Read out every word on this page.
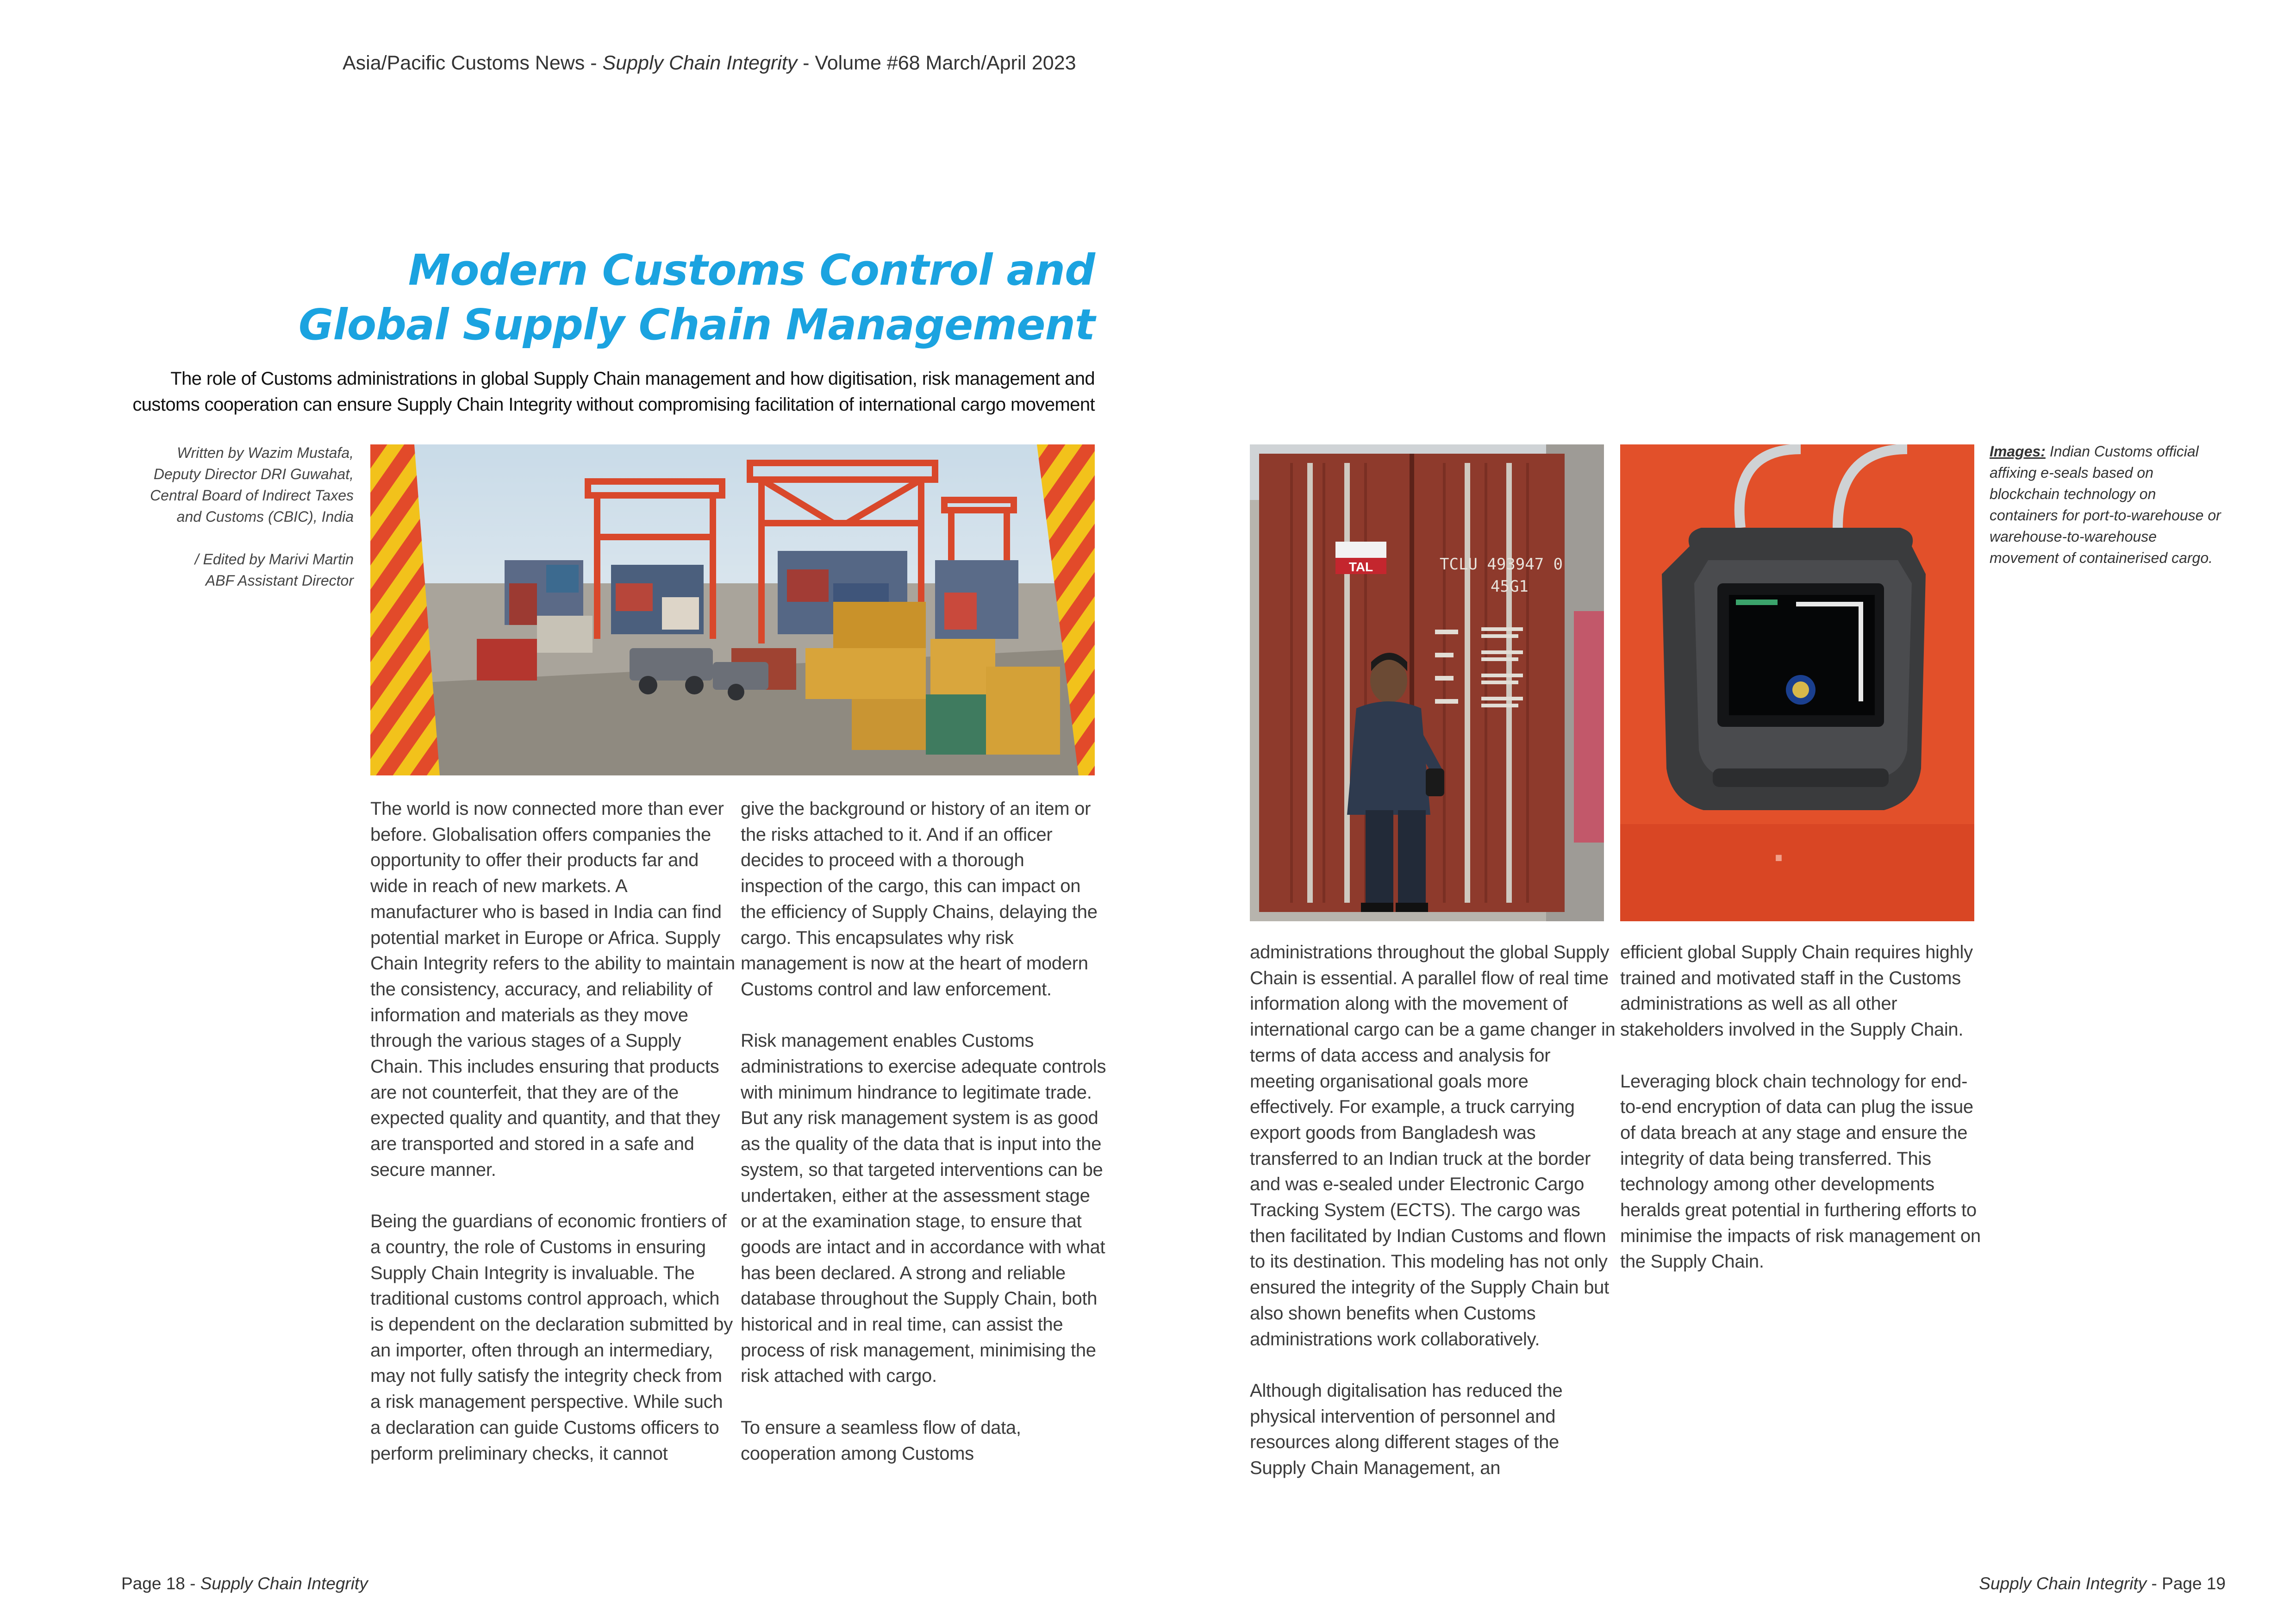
Asia/Pacific Customs News - Supply Chain Integrity - Volume #68 March/April 2023
Modern Customs Control and
Global Supply Chain Management
The role of Customs administrations in global Supply Chain management and how digitisation, risk management and
customs cooperation can ensure Supply Chain Integrity without compromising facilitation of international cargo movement

Written by Wazim Mustafa,
Deputy Director DRI Guwahat,
Central Board of Indirect Taxes
and Customs (CBIC), India

/ Edited by Marivi Martin
ABF Assistant Director

TAL	TCLU 493947 0
45G1
.
Images: Indian Customs official affixing e-seals based on blockchain technology on containers for port-to-warehouse or warehouse-to-warehouse movement of containerised cargo.

The world is now connected more than ever before. Globalisation offers companies the opportunity to offer their products far and wide in reach of new markets. A manufacturer who is based in India can find potential market in Europe or Africa. Supply Chain Integrity refers to the ability to maintain the consistency, accuracy, and reliability of information and materials as they move through the various stages of a Supply Chain. This includes ensuring that products are not counterfeit, that they are of the expected quality and quantity, and that they are transported and stored in a safe and secure manner.

Being the guardians of economic frontiers of a country, the role of Customs in ensuring Supply Chain Integrity is invaluable. The traditional customs control approach, which is dependent on the declaration submitted by an importer, often through an intermediary, may not fully satisfy the integrity check from a risk management perspective. While such a declaration can guide Customs officers to perform preliminary checks, it cannot

give the background or history of an item or the risks attached to it. And if an officer decides to proceed with a thorough inspection of the cargo, this can impact on the efficiency of Supply Chains, delaying the cargo. This encapsulates why risk management is now at the heart of modern Customs control and law enforcement.

Risk management enables Customs administrations to exercise adequate controls with minimum hindrance to legitimate trade. But any risk management system is as good as the quality of the data that is input into the system, so that targeted interventions can be undertaken, either at the assessment stage or at the examination stage, to ensure that goods are intact and in accordance with what has been declared. A strong and reliable database throughout the Supply Chain, both historical and in real time, can assist the process of risk management, minimising the risk attached with cargo.

To ensure a seamless flow of data, cooperation among Customs

administrations throughout the global Supply Chain is essential. A parallel flow of real time information along with the movement of international cargo can be a game changer in terms of data access and analysis for meeting organisational goals more effectively. For example, a truck carrying export goods from Bangladesh was transferred to an Indian truck at the border and was e-sealed under Electronic Cargo Tracking System (ECTS). The cargo was then facilitated by Indian Customs and flown to its destination. This modeling has not only ensured the integrity of the Supply Chain but also shown benefits when Customs administrations work collaboratively.

Although digitalisation has reduced the physical intervention of personnel and resources along different stages of the Supply Chain Management, an

efficient global Supply Chain requires highly trained and motivated staff in the Customs administrations as well as all other stakeholders involved in the Supply Chain.

Leveraging block chain technology for end-to-end encryption of data can plug the issue of data breach at any stage and ensure the integrity of data being transferred. This technology among other developments heralds great potential in furthering efforts to minimise the impacts of risk management on the Supply Chain.

Page 18 - Supply Chain Integrity	Supply Chain Integrity - Page 19
